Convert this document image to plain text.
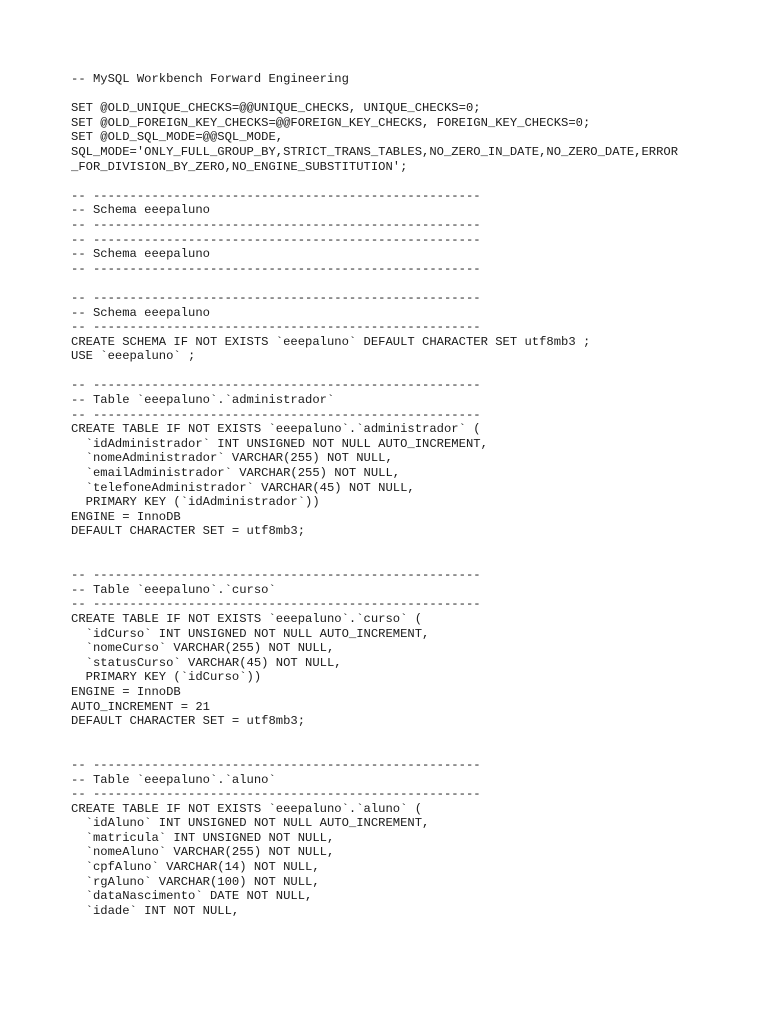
-- MySQL Workbench Forward Engineering
SET @OLD_UNIQUE_CHECKS=@@UNIQUE_CHECKS, UNIQUE_CHECKS=0;
SET @OLD_FOREIGN_KEY_CHECKS=@@FOREIGN_KEY_CHECKS, FOREIGN_KEY_CHECKS=0;
SET @OLD_SQL_MODE=@@SQL_MODE,
SQL_MODE='ONLY_FULL_GROUP_BY,STRICT_TRANS_TABLES,NO_ZERO_IN_DATE,NO_ZERO_DATE,ERROR
_FOR_DIVISION_BY_ZERO,NO_ENGINE_SUBSTITUTION';
-- -----------------------------------------------------
-- Schema eeepaluno
-- -----------------------------------------------------
-- -----------------------------------------------------
-- Schema eeepaluno
-- -----------------------------------------------------
-- -----------------------------------------------------
-- Schema eeepaluno
-- -----------------------------------------------------
CREATE SCHEMA IF NOT EXISTS `eeepaluno` DEFAULT CHARACTER SET utf8mb3 ;
USE `eeepaluno` ;
-- -----------------------------------------------------
-- Table `eeepaluno`.`administrador`
-- -----------------------------------------------------
CREATE TABLE IF NOT EXISTS `eeepaluno`.`administrador` (
`idAdministrador` INT UNSIGNED NOT NULL AUTO_INCREMENT,
`nomeAdministrador` VARCHAR(255) NOT NULL,
`emailAdministrador` VARCHAR(255) NOT NULL,
`telefoneAdministrador` VARCHAR(45) NOT NULL,
PRIMARY KEY (`idAdministrador`))
ENGINE = InnoDB
DEFAULT CHARACTER SET = utf8mb3;
-- -----------------------------------------------------
-- Table `eeepaluno`.`curso`
-- -----------------------------------------------------
CREATE TABLE IF NOT EXISTS `eeepaluno`.`curso` (
`idCurso` INT UNSIGNED NOT NULL AUTO_INCREMENT,
`nomeCurso` VARCHAR(255) NOT NULL,
`statusCurso` VARCHAR(45) NOT NULL,
PRIMARY KEY (`idCurso`))
ENGINE = InnoDB
AUTO_INCREMENT = 21
DEFAULT CHARACTER SET = utf8mb3;
-- -----------------------------------------------------
-- Table `eeepaluno`.`aluno`
-- -----------------------------------------------------
CREATE TABLE IF NOT EXISTS `eeepaluno`.`aluno` (
`idAluno` INT UNSIGNED NOT NULL AUTO_INCREMENT,
`matricula` INT UNSIGNED NOT NULL,
`nomeAluno` VARCHAR(255) NOT NULL,
`cpfAluno` VARCHAR(14) NOT NULL,
`rgAluno` VARCHAR(100) NOT NULL,
`dataNascimento` DATE NOT NULL,
`idade` INT NOT NULL,
